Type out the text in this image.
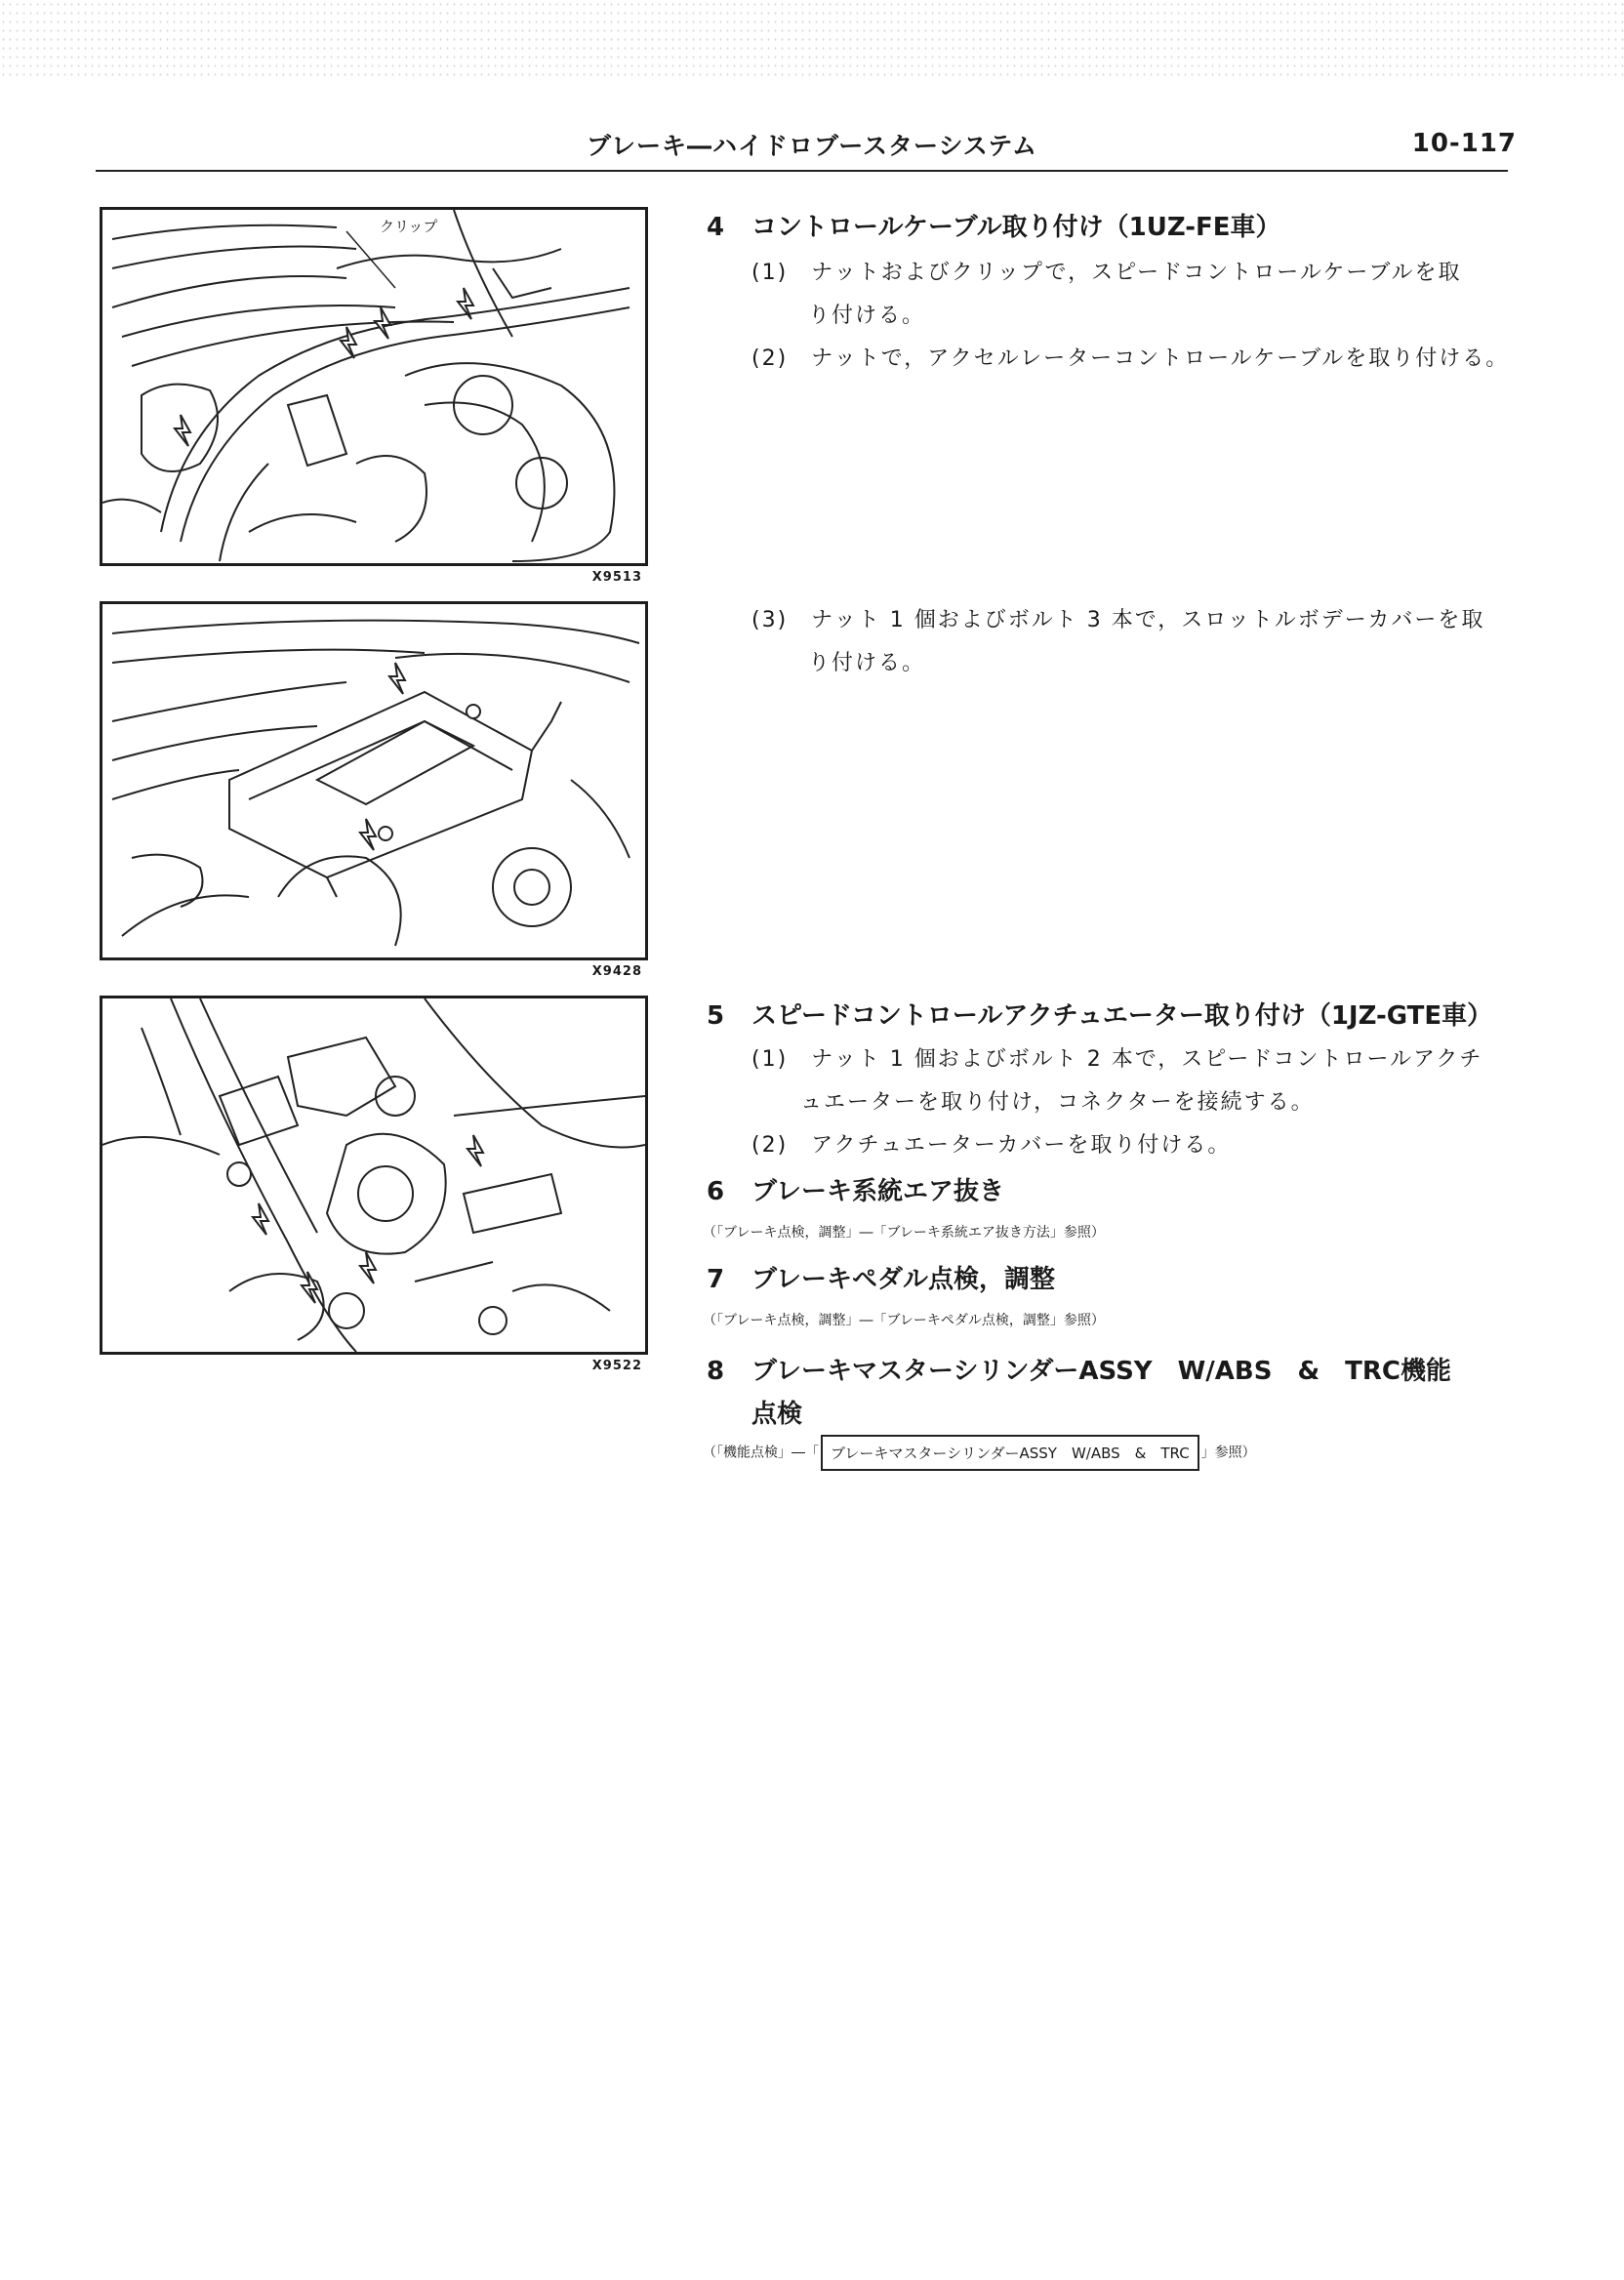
ブレーキ―ハイドロブースターシステム	10-117
クリップ
X9513
X9428
X9522
4 コントロールケーブル取り付け（1UZ-FE車）
(1)　ナットおよびクリップで，スピードコントロールケーブルを取
り付ける。
(2)　ナットで，アクセルレーターコントロールケーブルを取り付ける。
(3)　ナット 1 個およびボルト 3 本で，スロットルボデーカバーを取
り付ける。
5 スピードコントロールアクチュエーター取り付け（1JZ-GTE車）
(1)　ナット 1 個およびボルト 2 本で，スピードコントロールアクチ
ュエーターを取り付け，コネクターを接続する。
(2)　アクチュエーターカバーを取り付ける。
6 ブレーキ系統エア抜き
（「ブレーキ点検，調整」―「ブレーキ系統エア抜き方法」参照）
7 ブレーキペダル点検，調整
（「ブレーキ点検，調整」―「ブレーキペダル点検，調整」参照）
8 ブレーキマスターシリンダーASSY　W/ABS　&　TRC機能
点検
（「機能点検」―「 ブレーキマスターシリンダーASSY　W/ABS　&　TRC 」参照）
